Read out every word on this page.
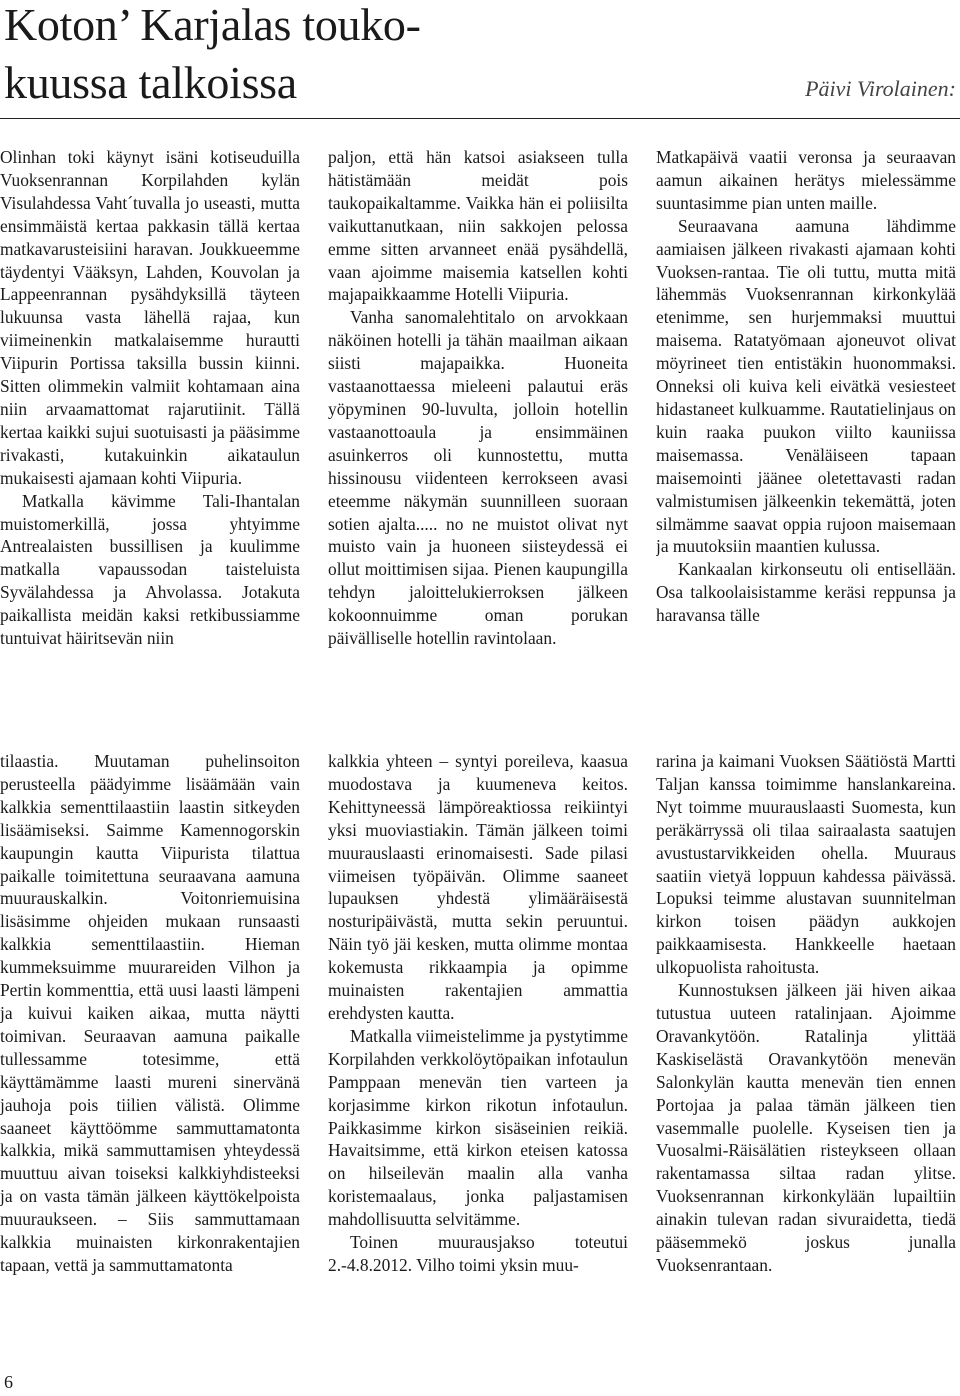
Koton’ Karjalas touko-
kuussa talkoissa	Päivi Virolainen:

Olinhan toki käynyt isäni kotiseuduilla Vuoksenrannan Korpilahden kylän Visulahdessa Vaht´tuvalla jo useasti, mutta ensimmäistä kertaa pakkasin tällä kertaa matkavarusteisiini haravan. Joukkueemme täydentyi Vääksyn, Lahden, Kouvolan ja Lappeenrannan pysähdyksillä täyteen lukuunsa vasta lähellä rajaa, kun viimeinenkin matkalaisemme hurautti Viipurin Portissa taksilla bussin kiinni. Sitten olimmekin valmiit kohtamaan aina niin arvaamattomat rajarutiinit. Tällä kertaa kaikki sujui suotuisasti ja pääsimme rivakasti, kutakuinkin aikataulun mukaisesti ajamaan kohti Viipuria.

Matkalla kävimme Tali-Ihantalan muistomerkillä, jossa yhtyimme Antrealaisten bussillisen ja kuulimme matkalla vapaussodan taisteluista Syvälahdessa ja Ahvolassa. Jotakuta paikallista meidän kaksi retkibussiamme tuntuivat häiritsevän niin

paljon, että hän katsoi asiakseen tulla hätistämään meidät pois taukopaikaltamme. Vaikka hän ei poliisilta vaikuttanutkaan, niin sakkojen pelossa emme sitten arvanneet enää pysähdellä, vaan ajoimme maisemia katsellen kohti majapaikkaamme Hotelli Viipuria.

Vanha sanomalehtitalo on arvokkaan näköinen hotelli ja tähän maailman aikaan siisti majapaikka. Huoneita vastaanottaessa mieleeni palautui eräs yöpyminen 90-luvulta, jolloin hotellin vastaanottoaula ja ensimmäinen asuinkerros oli kunnostettu, mutta hissinousu viidenteen kerrokseen avasi eteemme näkymän suunnilleen suoraan sotien ajalta..... no ne muistot olivat nyt muisto vain ja huoneen siisteydessä ei ollut moittimisen sijaa. Pienen kaupungilla tehdyn jaloittelukierroksen jälkeen kokoonnuimme oman porukan päivälliselle hotellin ravintolaan.

Matkapäivä vaatii veronsa ja seuraavan aamun aikainen herätys mielessämme suuntasimme pian unten maille.

Seuraavana aamuna lähdimme aamiaisen jälkeen rivakasti ajamaan kohti Vuoksen-rantaa. Tie oli tuttu, mutta mitä lähemmäs Vuoksenrannan kirkonkylää etenimme, sen hurjemmaksi muuttui maisema. Ratatyömaan ajoneuvot olivat möyrineet tien entistäkin huonommaksi. Onneksi oli kuiva keli eivätkä vesiesteet hidastaneet kulkuamme. Rautatielinjaus on kuin raaka puukon viilto kauniissa maisemassa. Venäläiseen tapaan maisemointi jäänee oletettavasti radan valmistumisen jälkeenkin tekemättä, joten silmämme saavat oppia rujoon maisemaan ja muutoksiin maantien kulussa.

Kankaalan kirkonseutu oli entisellään. Osa talkoolaisistamme keräsi reppunsa ja haravansa tälle

tilaastia. Muutaman puhelinsoiton perusteella päädyimme lisäämään vain kalkkia sementtilaastiin laastin sitkeyden lisäämiseksi. Saimme Kamennogorskin kaupungin kautta Viipurista tilattua paikalle toimitettuna seuraavana aamuna muurauskalkin. Voitonriemuisina lisäsimme ohjeiden mukaan runsaasti kalkkia sementtilaastiin. Hieman kummeksuimme muurareiden Vilhon ja Pertin kommenttia, että uusi laasti lämpeni ja kuivui kaiken aikaa, mutta näytti toimivan. Seuraavan aamuna paikalle tullessamme totesimme, että käyttämämme laasti mureni sinervänä jauhoja pois tiilien välistä. Olimme saaneet käyttöömme sammuttamatonta kalkkia, mikä sammuttamisen yhteydessä muuttuu aivan toiseksi kalkkiyhdisteeksi ja on vasta tämän jälkeen käyttökelpoista muuraukseen. – Siis sammuttamaan kalkkia muinaisten kirkonrakentajien tapaan, vettä ja sammuttamatonta

kalkkia yhteen – syntyi poreileva, kaasua muodostava ja kuumeneva keitos. Kehittyneessä lämpöreaktiossa reikiintyi yksi muoviastiakin. Tämän jälkeen toimi muurauslaasti erinomaisesti. Sade pilasi viimeisen työpäivän. Olimme saaneet lupauksen yhdestä ylimääräisestä nosturipäivästä, mutta sekin peruuntui. Näin työ jäi kesken, mutta olimme montaa kokemusta rikkaampia ja opimme muinaisten rakentajien ammattia erehdysten kautta.

Matkalla viimeistelimme ja pystytimme Korpilahden verkkolöytöpaikan infotaulun Pamppaan menevän tien varteen ja korjasimme kirkon rikotun infotaulun. Paikkasimme kirkon sisäseinien reikiä. Havaitsimme, että kirkon eteisen katossa on hilseilevän maalin alla vanha koristemaalaus, jonka paljastamisen mahdollisuutta selvitämme.

Toinen muurausjakso toteutui 2.-4.8.2012. Vilho toimi yksin muu-

rarina ja kaimani Vuoksen Säätiöstä Martti Taljan kanssa toimimme hanslankareina. Nyt toimme muurauslaasti Suomesta, kun peräkärryssä oli tilaa sairaalasta saatujen avustustarvikkeiden ohella. Muuraus saatiin vietyä loppuun kahdessa päivässä. Lopuksi teimme alustavan suunnitelman kirkon toisen päädyn aukkojen paikkaamisesta. Hankkeelle haetaan ulkopuolista rahoitusta.

Kunnostuksen jälkeen jäi hiven aikaa tutustua uuteen ratalinjaan. Ajoimme Oravankytöön. Ratalinja ylittää Kaskiselästä Oravankytöön menevän Salonkylän kautta menevän tien ennen Portojaa ja palaa tämän jälkeen tien vasemmalle puolelle. Kyseisen tien ja Vuosalmi-Räisälätien risteykseen ollaan rakentamassa siltaa radan ylitse. Vuoksenrannan kirkonkylään lupailtiin ainakin tulevan radan sivuraidetta, tiedä pääsemmekö joskus junalla Vuoksenrantaan.

6
